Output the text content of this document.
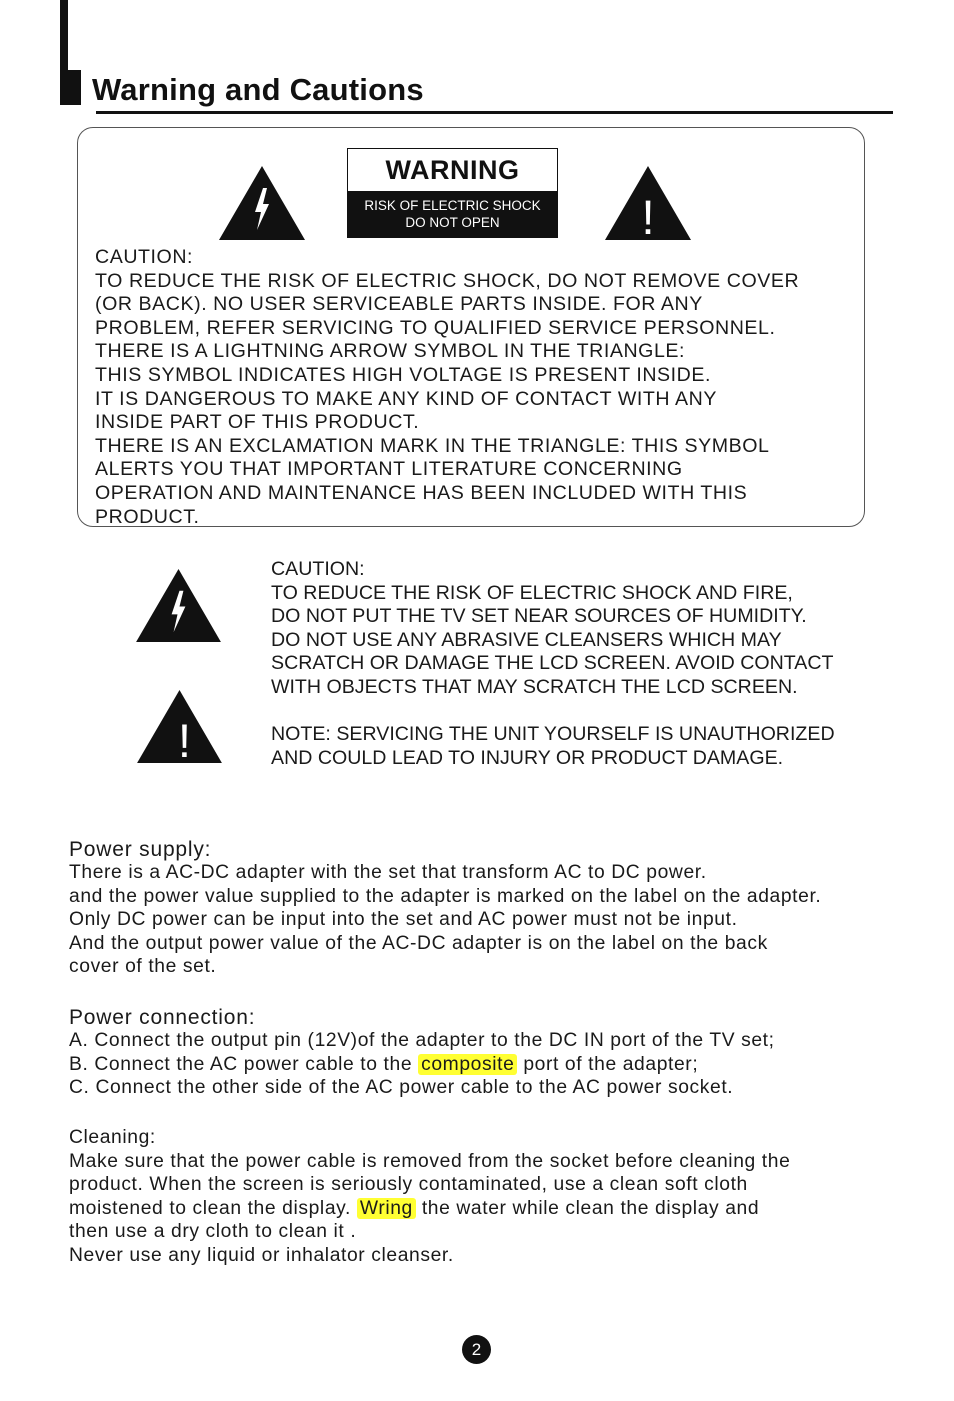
Warning and Cautions
WARNING
RISK OF ELECTRIC SHOCK
DO NOT OPEN	!
CAUTION:
TO REDUCE THE RISK OF ELECTRIC SHOCK, DO NOT REMOVE COVER
(OR BACK). NO USER SERVICEABLE PARTS INSIDE. FOR ANY
PROBLEM, REFER SERVICING TO QUALIFIED SERVICE PERSONNEL.
THERE IS A LIGHTNING ARROW SYMBOL IN THE TRIANGLE:
THIS SYMBOL INDICATES HIGH VOLTAGE IS PRESENT INSIDE.
IT IS DANGEROUS TO MAKE ANY KIND OF CONTACT WITH ANY
INSIDE PART OF THIS PRODUCT.
THERE IS AN EXCLAMATION MARK IN THE TRIANGLE: THIS SYMBOL
ALERTS YOU THAT IMPORTANT LITERATURE CONCERNING
OPERATION AND MAINTENANCE HAS BEEN INCLUDED WITH THIS
PRODUCT.
!
CAUTION:
TO REDUCE THE RISK OF ELECTRIC SHOCK AND FIRE,
DO NOT PUT THE TV SET NEAR SOURCES OF HUMIDITY.
DO NOT USE ANY ABRASIVE CLEANSERS WHICH MAY
SCRATCH OR DAMAGE THE LCD SCREEN. AVOID CONTACT
WITH OBJECTS THAT MAY SCRATCH THE LCD SCREEN.
NOTE: SERVICING THE UNIT YOURSELF IS UNAUTHORIZED
AND COULD LEAD TO INJURY OR PRODUCT DAMAGE.
Power supply:
There is a AC-DC adapter with the set that transform AC to DC power.
and the power value supplied to the adapter is marked on the label on the adapter.
Only DC power can be input into the set and AC power must not be input.
And the output power value of the AC-DC adapter is on the label on the back
cover of the set.
Power connection:
A. Connect the output pin (12V)of the adapter to the DC IN port of the TV set;
B. Connect the AC power cable to the composite port of the adapter;
C. Connect the other side of the AC power cable to the AC power socket.
Cleaning:
Make sure that the power cable is removed from the socket before cleaning the
product. When the screen is seriously contaminated, use a clean soft cloth
moistened to clean the display. Wring the water while clean the display and
then use a dry cloth to clean it .
Never use any liquid or inhalator cleanser.
2
